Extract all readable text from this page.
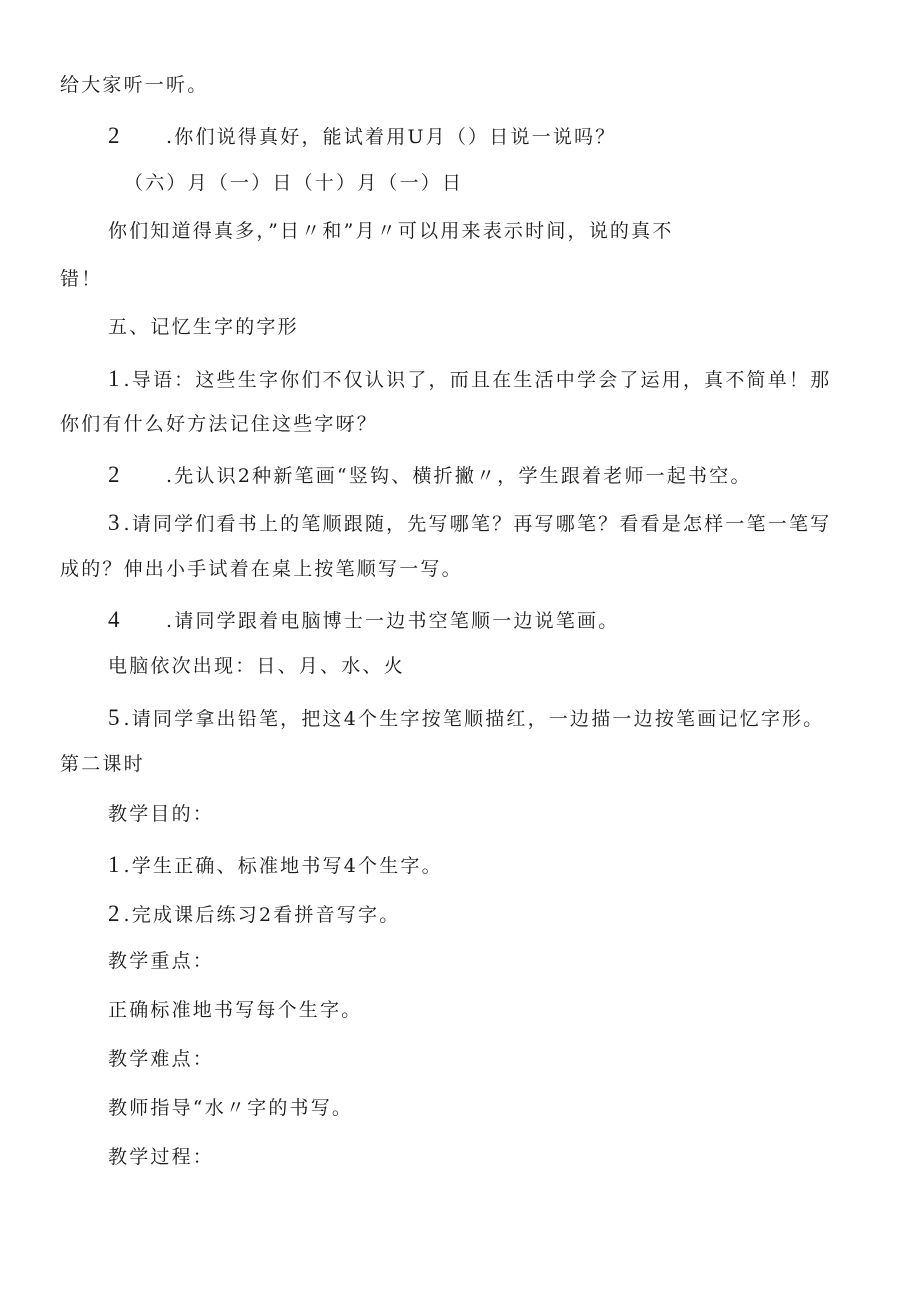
给大家听一听。
2 .你们说得真好，能试着用U月（）日说一说吗？
（六）月（一）日（十）月（一）日
你们知道得真多，”日〃和”月〃可以用来表示时间，说的真不
错！
五、记忆生字的字形
1 .导语：这些生字你们不仅认识了，而且在生活中学会了运用，真不简单！那
你们有什么好方法记住这些字呀？
2 .先认识2种新笔画“竖钩、横折撇〃，学生跟着老师一起书空。
3 .请同学们看书上的笔顺跟随，先写哪笔？再写哪笔？看看是怎样一笔一笔写
成的？伸出小手试着在桌上按笔顺写一写。
4 .请同学跟着电脑博士一边书空笔顺一边说笔画。
电脑依次出现：日、月、水、火
5 .请同学拿出铅笔，把这4个生字按笔顺描红，一边描一边按笔画记忆字形。
第二课时
教学目的：
1 .学生正确、标准地书写4个生字。
2 .完成课后练习2看拼音写字。
教学重点：
正确标准地书写每个生字。
教学难点：
教师指导“水〃字的书写。
教学过程：
